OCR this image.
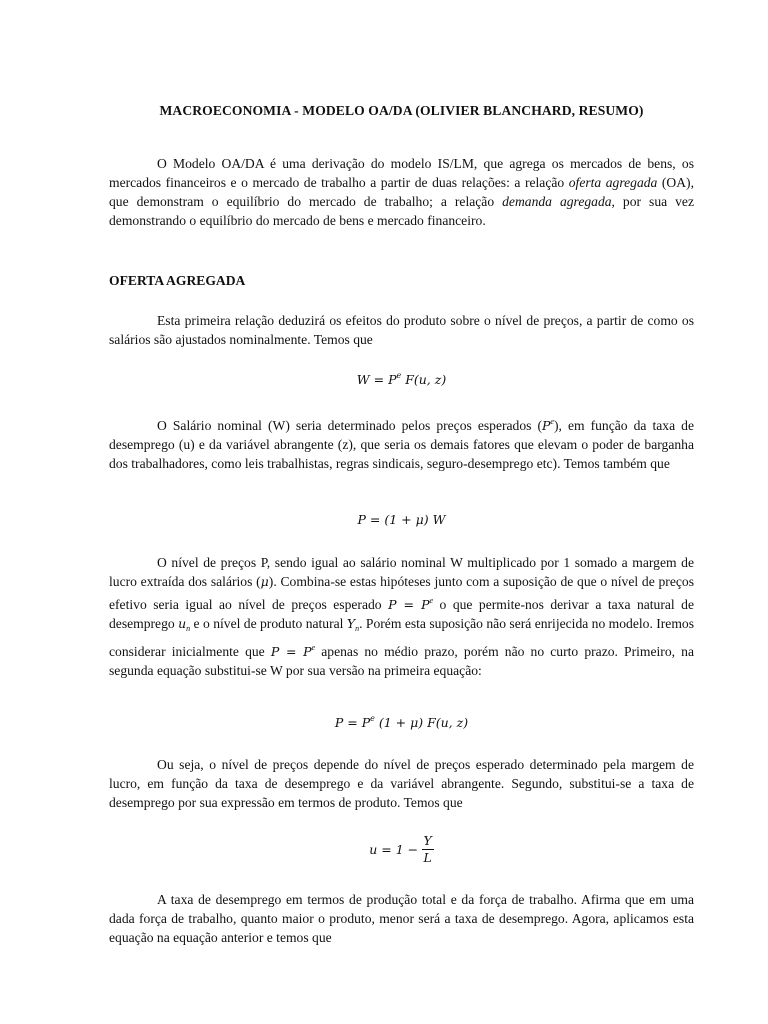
MACROECONOMIA - MODELO OA/DA (OLIVIER BLANCHARD, RESUMO)
O Modelo OA/DA é uma derivação do modelo IS/LM, que agrega os mercados de bens, os mercados financeiros e o mercado de trabalho a partir de duas relações: a relação oferta agregada (OA), que demonstram o equilíbrio do mercado de trabalho; a relação demanda agregada, por sua vez demonstrando o equilíbrio do mercado de bens e mercado financeiro.
OFERTA AGREGADA
Esta primeira relação deduzirá os efeitos do produto sobre o nível de preços, a partir de como os salários são ajustados nominalmente. Temos que
$W = P^e$ F(u, z)
O Salário nominal (W) seria determinado pelos preços esperados $(P^e)$, em função da taxa de desemprego (u) e da variável abrangente (z), que seria os demais fatores que elevam o poder de barganha dos trabalhadores, como leis trabalhistas, regras sindicais, seguro-desemprego etc). Temos também que
P = (1 + μ) W
O nível de preços P, sendo igual ao salário nominal W multiplicado por 1 somado a margem de lucro extraída dos salários (μ). Combina-se estas hipóteses junto com a suposição de que o nível de preços efetivo seria igual ao nível de preços esperado $P = P^e$ o que permite-nos derivar a taxa natural de desemprego $u_n$ e o nível de produto natural $Y_n$. Porém esta suposição não será enrijecida no modelo. Iremos considerar inicialmente que $P = P^e$ apenas no médio prazo, porém não no curto prazo. Primeiro, na segunda equação substitui-se W por sua versão na primeira equação:
$P = P^e$ (1 + μ) F(u, z)
Ou seja, o nível de preços depende do nível de preços esperado determinado pela margem de lucro, em função da taxa de desemprego e da variável abrangente. Segundo, substitui-se a taxa de desemprego por sua expressão em termos de produto. Temos que
$u = 1 - \frac{Y}{L}$
A taxa de desemprego em termos de produção total e da força de trabalho. Afirma que em uma dada força de trabalho, quanto maior o produto, menor será a taxa de desemprego. Agora, aplicamos esta equação na equação anterior e temos que
